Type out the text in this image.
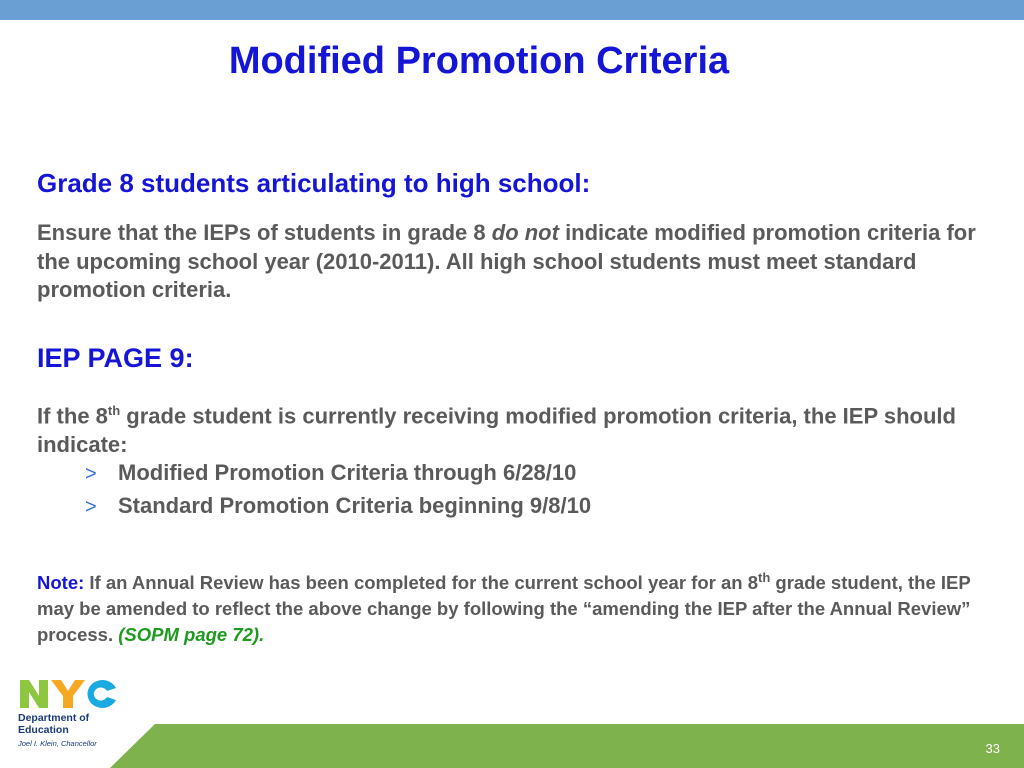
Modified Promotion Criteria
Grade 8 students articulating to high school:

Ensure that the IEPs of students in grade 8 do not indicate modified promotion criteria for the upcoming school year (2010-2011). All high school students must meet standard promotion criteria.

IEP PAGE 9:

If the 8th grade student is currently receiving modified promotion criteria, the IEP should indicate:

> Modified Promotion Criteria through 6/28/10
> Standard Promotion Criteria beginning 9/8/10

Note: If an Annual Review has been completed for the current school year for an 8th grade student, the IEP may be amended to reflect the above change by following the “amending the IEP after the Annual Review” process. (SOPM page 72).

Department of
Education
Joel I. Klein, Chancellor	33
